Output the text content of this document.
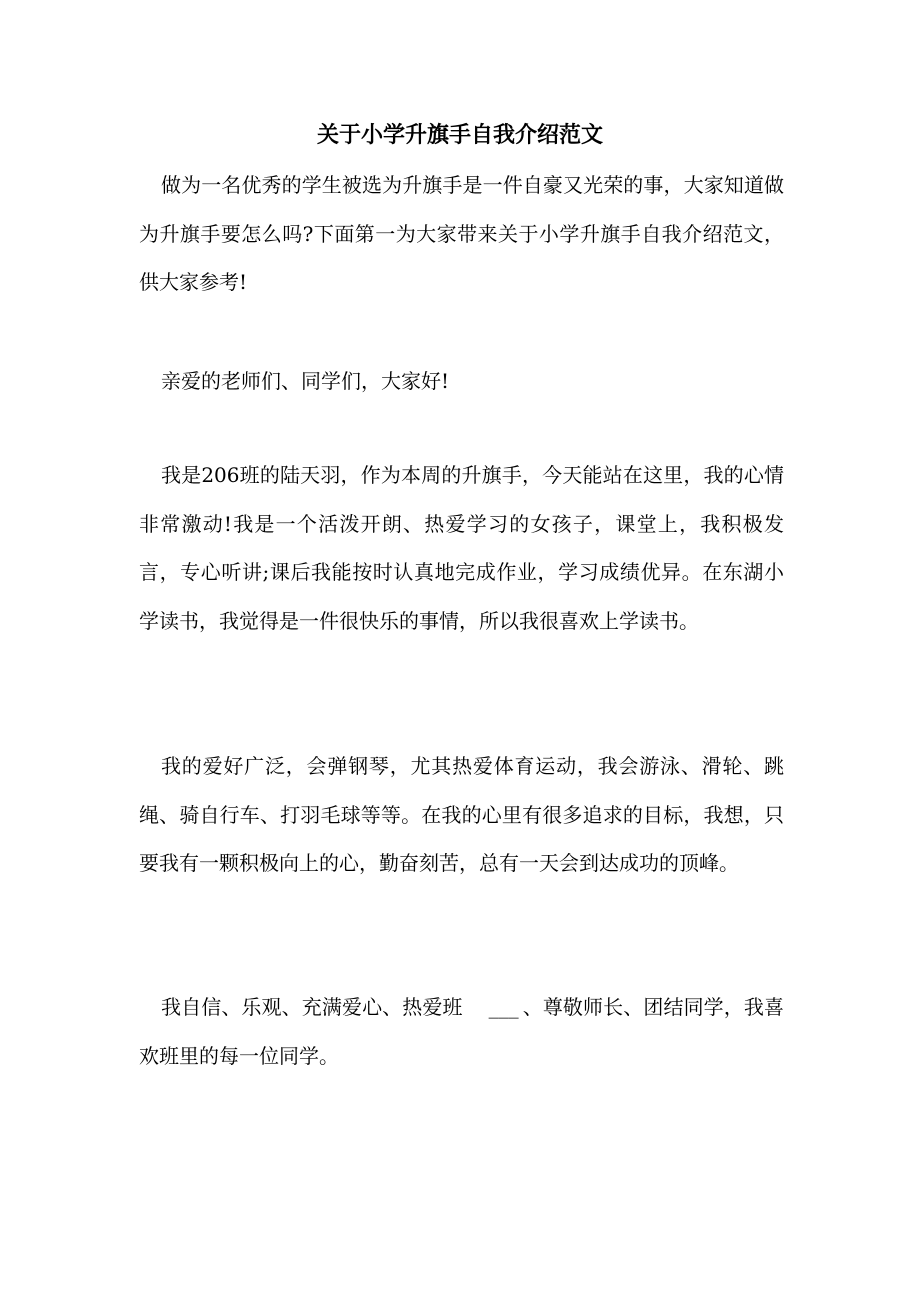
关于小学升旗手自我介绍范文

做为一名优秀的学生被选为升旗手是一件自豪又光荣的事，大家知道做为升旗手要怎么吗?下面第一为大家带来关于小学升旗手自我介绍范文，供大家参考!

亲爱的老师们、同学们，大家好!

我是206班的陆天羽，作为本周的升旗手，今天能站在这里，我的心情非常激动!我是一个活泼开朗、热爱学习的女孩子，课堂上，我积极发言，专心听讲;课后我能按时认真地完成作业，学习成绩优异。在东湖小学读书，我觉得是一件很快乐的事情，所以我很喜欢上学读书。

我的爱好广泛，会弹钢琴，尤其热爱体育运动，我会游泳、滑轮、跳绳、骑自行车、打羽毛球等等。在我的心里有很多追求的目标，我想，只要我有一颗积极向上的心，勤奋刻苦，总有一天会到达成功的顶峰。

我自信、乐观、充满爱心、热爱班 ___ 、尊敬师长、团结同学，我喜欢班里的每一位同学。
